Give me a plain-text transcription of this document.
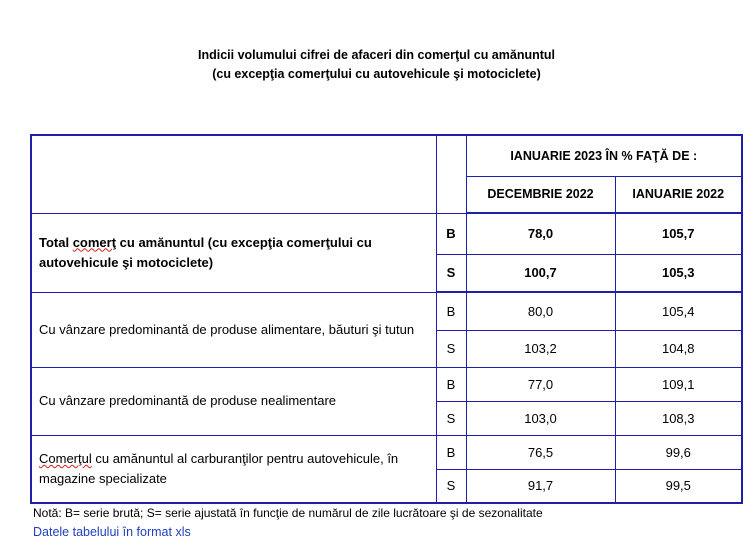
Indicii volumului cifrei de afaceri din comerţul cu amănuntul
(cu excepţia comerţului cu autovehicule şi motociclete)
		IANUARIE 2023 ÎN % FAŢĂ DE :	
		DECEMBRIE 2022	IANUARIE 2022
Total comerţ cu amănuntul (cu excepţia comerţului cu autovehicule şi motociclete)	B	78,0	105,7
	S	100,7	105,3
Cu vânzare predominantă de produse alimentare, băuturi şi tutun	B	80,0	105,4
	S	103,2	104,8
Cu vânzare predominantă de produse nealimentare	B	77,0	109,1
	S	103,0	108,3
Comerţul cu amănuntul al carburanţilor pentru autovehicule, în magazine specializate	B	76,5	99,6
	S	91,7	99,5
Notă: B= serie brută; S= serie ajustată în funcţie de numărul de zile lucrătoare şi de sezonalitate
Datele tabelului în format xls
